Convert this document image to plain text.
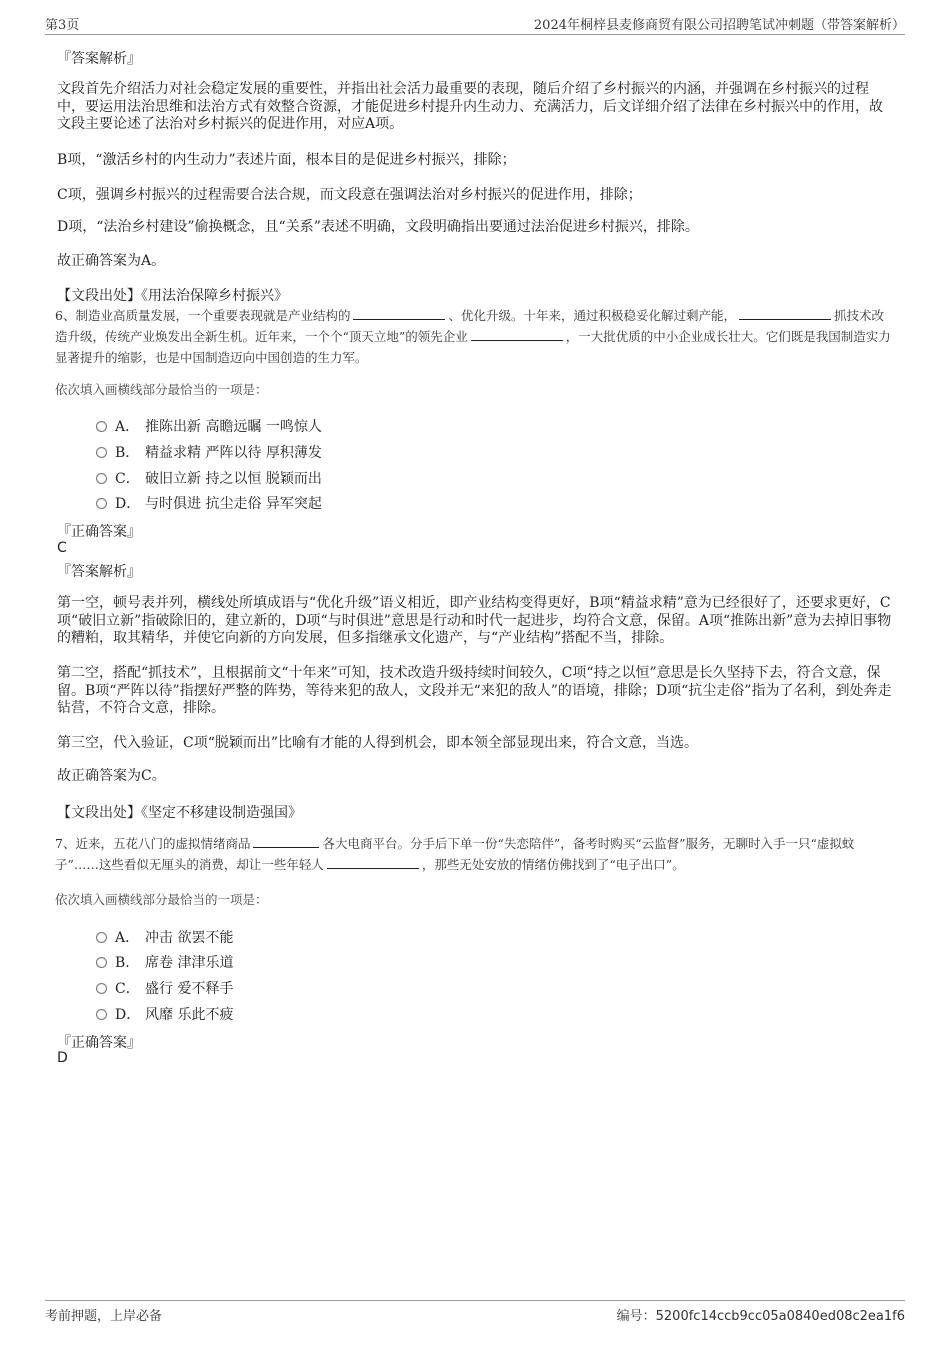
第3页	2024年桐梓县麦修商贸有限公司招聘笔试冲刺题（带答案解析）
『答案解析』
文段首先介绍活力对社会稳定发展的重要性，并指出社会活力最重要的表现，随后介绍了乡村振兴的内涵，并强调在乡村振兴的过程中，要运用法治思维和法治方式有效整合资源，才能促进乡村提升内生动力、充满活力，后文详细介绍了法律在乡村振兴中的作用，故文段主要论述了法治对乡村振兴的促进作用，对应A项。
B项，“激活乡村的内生动力”表述片面，根本目的是促进乡村振兴，排除；
C项，强调乡村振兴的过程需要合法合规，而文段意在强调法治对乡村振兴的促进作用，排除；
D项，“法治乡村建设”偷换概念，且“关系”表述不明确，文段明确指出要通过法治促进乡村振兴，排除。
故正确答案为A。
【文段出处】《用法治保障乡村振兴》
6、制造业高质量发展，一个重要表现就是产业结构的	、优化升级。十年来，通过积极稳妥化解过剩产能，	抓技术改造升级，传统产业焕发出全新生机。近年来，一个个“顶天立地”的领先企业	，一大批优质的中小企业成长壮大。它们既是我国制造实力显著提升的缩影，也是中国制造迈向中国创造的生力军。
依次填入画横线部分最恰当的一项是：
A． 推陈出新 高瞻远瞩 一鸣惊人
B． 精益求精 严阵以待 厚积薄发
C． 破旧立新 持之以恒 脱颖而出
D． 与时俱进 抗尘走俗 异军突起
『正确答案』
C
『答案解析』
第一空，顿号表并列，横线处所填成语与“优化升级”语义相近，即产业结构变得更好，B项“精益求精”意为已经很好了，还要求更好，C项“破旧立新”指破除旧的，建立新的，D项“与时俱进”意思是行动和时代一起进步，均符合文意，保留。A项“推陈出新”意为去掉旧事物的糟粕，取其精华，并使它向新的方向发展，但多指继承文化遗产，与“产业结构”搭配不当，排除。
第二空，搭配“抓技术”，且根据前文“十年来”可知，技术改造升级持续时间较久，C项“持之以恒”意思是长久坚持下去，符合文意，保留。B项“严阵以待”指摆好严整的阵势，等待来犯的敌人，文段并无“来犯的敌人”的语境，排除；D项“抗尘走俗”指为了名利，到处奔走钻营，不符合文意，排除。
第三空，代入验证，C项“脱颖而出”比喻有才能的人得到机会，即本领全部显现出来，符合文意，当选。
故正确答案为C。
【文段出处】《坚定不移建设制造强国》
7、近来，五花八门的虚拟情绪商品	各大电商平台。分手后下单一份“失恋陪伴”，备考时购买“云监督”服务，无聊时入手一只“虚拟蚊子”……这些看似无厘头的消费，却让一些年轻人	，那些无处安放的情绪仿佛找到了“电子出口”。
依次填入画横线部分最恰当的一项是：
A． 冲击 欲罢不能
B． 席卷 津津乐道
C． 盛行 爱不释手
D． 风靡 乐此不疲
『正确答案』
D
考前押题，上岸必备	编号：5200fc14ccb9cc05a0840ed08c2ea1f6
